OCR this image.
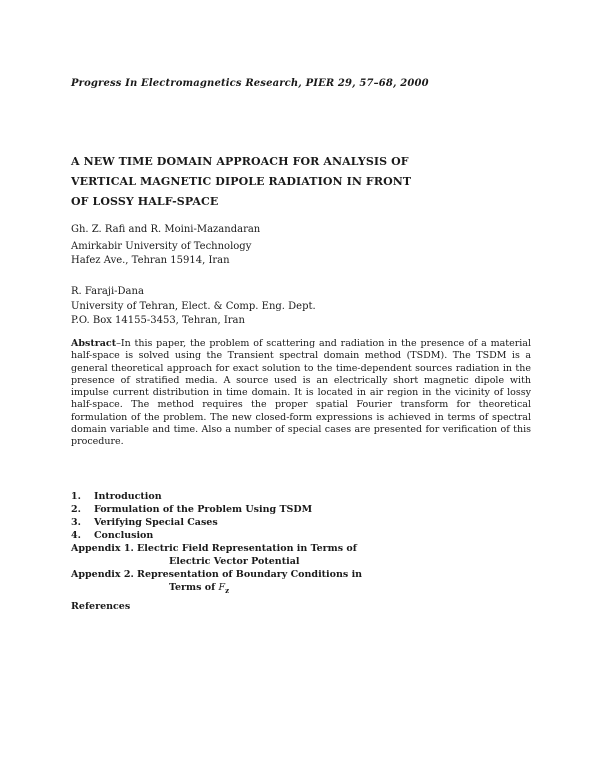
Progress In Electromagnetics Research, PIER 29, 57–68, 2000
A NEW TIME DOMAIN APPROACH FOR ANALYSIS OF
VERTICAL MAGNETIC DIPOLE RADIATION IN FRONT
OF LOSSY HALF-SPACE
Gh. Z. Rafi and R. Moini-Mazandaran
Amirkabir University of Technology
Hafez Ave., Tehran 15914, Iran
R. Faraji-Dana
University of Tehran, Elect. & Comp. Eng. Dept.
P.O. Box 14155-3453, Tehran, Iran
Abstract–In this paper, the problem of scattering and radiation in the presence of a material half-space is solved using the Transient spectral domain method (TSDM). The TSDM is a general theoretical approach for exact solution to the time-dependent sources radiation in the presence of stratified media. A source used is an electrically short magnetic dipole with impulse current distribution in time domain. It is located in air region in the vicinity of lossy half-space. The method requires the proper spatial Fourier transform for theoretical formulation of the problem. The new closed-form expressions is achieved in terms of spectral domain variable and time. Also a number of special cases are presented for verification of this procedure.
1. Introduction
2. Formulation of the Problem Using TSDM
3. Verifying Special Cases
4. Conclusion
Appendix 1. Electric Field Representation in Terms of
Electric Vector Potential
Appendix 2. Representation of Boundary Conditions in
Terms of $F_z$
References
